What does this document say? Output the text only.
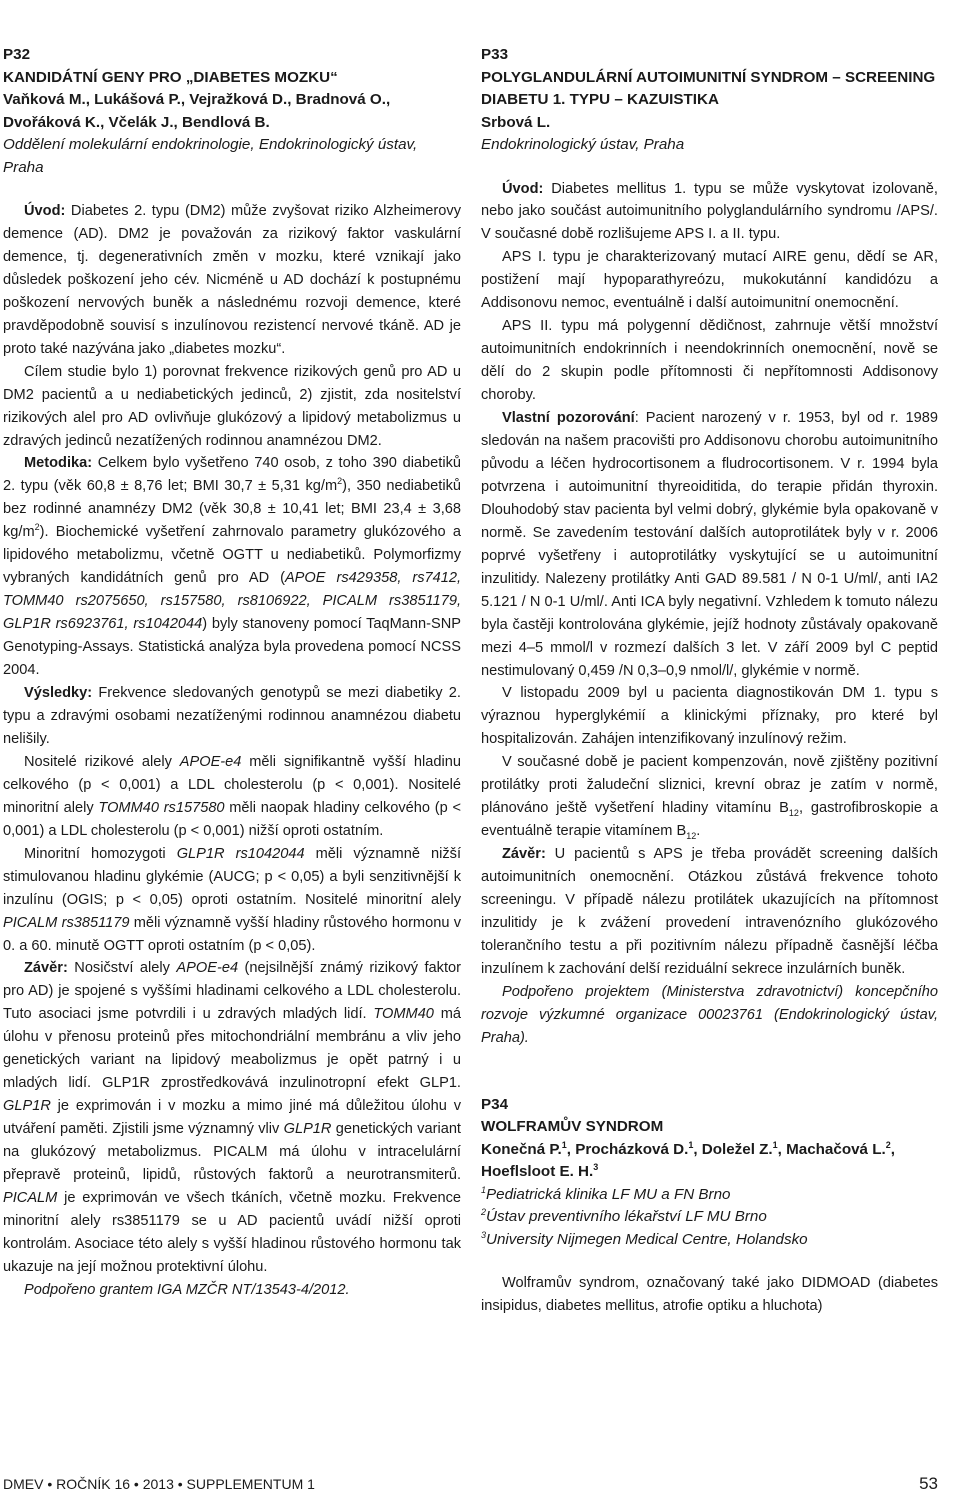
P32

KANDIDÁTNÍ GENY PRO „DIABETES MOZKU“

Vaňková M., Lukášová P., Vejražková D., Bradnová O., Dvořáková K., Včelák J., Bendlová B.

Oddělení molekulární endokrinologie, Endokrinologický ústav, Praha

Úvod: Diabetes 2. typu (DM2) může zvyšovat riziko Alzheimerovy demence (AD). DM2 je považován za rizikový faktor vaskulární demence, tj. degenerativních změn v mozku, které vznikají jako důsledek poškození jeho cév. Nicméně u AD dochází k postupnému poškození nervových buněk a následnému rozvoji demence, které pravděpodobně souvisí s inzulínovou rezistencí nervové tkáně. AD je proto také nazývána jako „diabetes mozku“.

Cílem studie bylo 1) porovnat frekvence rizikových genů pro AD u DM2 pacientů a u nediabetických jedinců, 2) zjistit, zda nositelství rizikových alel pro AD ovlivňuje glukózový a lipidový metabolizmus u zdravých jedinců nezatížených rodinnou anamnézou DM2.

Metodika: Celkem bylo vyšetřeno 740 osob, z toho 390 diabetiků 2. typu (věk 60,8 ± 8,76 let; BMI 30,7 ± 5,31 $kg/m^2$), 350 nediabetiků bez rodinné anamnézy DM2 (věk 30,8 ± 10,41 let; BMI 23,4 ± 3,68 $kg/m^2$). Biochemické vyšetření zahrnovalo parametry glukózového a lipidového metabolizmu, včetně OGTT u nediabetiků. Polymorfizmy vybraných kandidátních genů pro AD (APOE rs429358, rs7412, TOMM40 rs2075650, rs157580, rs8106922, PICALM rs3851179, GLP1R rs6923761, rs1042044) byly stanoveny pomocí TaqMann-SNP Genotyping-Assays. Statistická analýza byla provedena pomocí NCSS 2004.

Výsledky: Frekvence sledovaných genotypů se mezi diabetiky 2. typu a zdravými osobami nezatíženými rodinnou anamnézou diabetu nelišily.

Nositelé rizikové alely APOE-e4 měli signifikantně vyšší hladinu celkového (p < 0,001) a LDL cholesterolu (p < 0,001). Nositelé minoritní alely TOMM40 rs157580 měli naopak hladiny celkového (p < 0,001) a LDL cholesterolu (p < 0,001) nižší oproti ostatním.

Minoritní homozygoti GLP1R rs1042044 měli významně nižší stimulovanou hladinu glykémie (AUCG; p < 0,05) a byli senzitivnější k inzulínu (OGIS; p < 0,05) oproti ostatním. Nositelé minoritní alely PICALM rs3851179 měli významně vyšší hladiny růstového hormonu v 0. a 60. minutě OGTT oproti ostatním (p < 0,05).

Závěr: Nosičství alely APOE-e4 (nejsilnější známý rizikový faktor pro AD) je spojené s vyššími hladinami celkového a LDL cholesterolu. Tuto asociaci jsme potvrdili i u zdravých mladých lidí. TOMM40 má úlohu v přenosu proteinů přes mitochondriální membránu a vliv jeho genetických variant na lipidový meabolizmus je opět patrný i u mladých lidí. GLP1R zprostředkovává inzulinotropní efekt GLP1. GLP1R je exprimován i v mozku a mimo jiné má důležitou úlohu v utváření paměti. Zjistili jsme významný vliv GLP1R genetických variant na glukózový metabolizmus. PICALM má úlohu v intracelulární přepravě proteinů, lipidů, růstových faktorů a neurotransmiterů. PICALM je exprimován ve všech tkáních, včetně mozku. Frekvence minoritní alely rs3851179 se u AD pacientů uvádí nižší oproti kontrolám. Asociace této alely s vyšší hladinou růstového hormonu tak ukazuje na její možnou protektivní úlohu.

Podpořeno grantem IGA MZČR NT/13543-4/2012.

P33

POLYGLANDULÁRNÍ AUTOIMUNITNÍ SYNDROM – SCREENING DIABETU 1. TYPU – KAZUISTIKA

Srbová L.

Endokrinologický ústav, Praha

Úvod: Diabetes mellitus 1. typu se může vyskytovat izolovaně, nebo jako součást autoimunitního polyglandulárního syndromu /APS/. V současné době rozlišujeme APS I. a II. typu.

APS I. typu je charakterizovaný mutací AIRE genu, dědí se AR, postižení mají hypoparathyreózu, mukokutánní kandidózu a Addisonovu nemoc, eventuálně i další autoimunitní onemocnění.

APS II. typu má polygenní dědičnost, zahrnuje větší množství autoimunitních endokrinních i neendokrinních onemocnění, nově se dělí do 2 skupin podle přítomnosti či nepřítomnosti Addisonovy choroby.

Vlastní pozorování: Pacient narozený v r. 1953, byl od r. 1989 sledován na našem pracovišti pro Addisonovu chorobu autoimunitního původu a léčen hydrocortisonem a fludrocortisonem. V r. 1994 byla potvrzena i autoimunitní thyreoiditida, do terapie přidán thyroxin. Dlouhodobý stav pacienta byl velmi dobrý, glykémie byla opakovaně v normě. Se zavedením testování dalších autoprotilátek byly v r. 2006 poprvé vyšetřeny i autoprotilátky vyskytující se u autoimunitní inzulitidy. Nalezeny protilátky Anti GAD 89.581 / N 0-1 U/ml/, anti IA2 5.121 / N 0-1 U/ml/. Anti ICA byly negativní. Vzhledem k tomuto nálezu byla častěji kontrolována glykémie, jejíž hodnoty zůstávaly opakovaně mezi 4–5 mmol/l v rozmezí dalších 3 let. V září 2009 byl C peptid nestimulovaný 0,459 /N 0,3–0,9 nmol/l/, glykémie v normě.

V listopadu 2009 byl u pacienta diagnostikován DM 1. typu s výraznou hyperglykémií a klinickými příznaky, pro které byl hospitalizován. Zahájen intenzifikovaný inzulínový režim.

V současné době je pacient kompenzován, nově zjištěny pozitivní protilátky proti žaludeční sliznici, krevní obraz je zatím v normě, plánováno ještě vyšetření hladiny vitamínu $B_{12}$, gastrofibroskopie a eventuálně terapie vitamínem $B_{12}$.

Závěr: U pacientů s APS je třeba provádět screening dalších autoimunitních onemocnění. Otázkou zůstává frekvence tohoto screeningu. V případě nálezu protilátek ukazujících na přítomnost inzulitidy je k zvážení provedení intravenózního glukózového tolerančního testu a při pozitivním nálezu případně časnější léčba inzulínem k zachování delší reziduální sekrece inzulárních buněk.

Podpořeno projektem (Ministerstva zdravotnictví) koncepčního rozvoje výzkumné organizace 00023761 (Endokrinologický ústav, Praha).

P34

WOLFRAMŮV SYNDROM

Konečná P.$^1$, Procházková D.$^1$, Doležel Z.$^1$, Machačová L.$^2$, Hoeflsloot E. H.$^3$

$^1$Pediatrická klinika LF MU a FN Brno

$^2$Ústav preventivního lékařství LF MU Brno

$^3$University Nijmegen Medical Centre, Holandsko

Wolframův syndrom, označovaný také jako DIDMOAD (diabetes insipidus, diabetes mellitus, atrofie optiku a hluchota)

DMEV • ROČNÍK 16 • 2013 • SUPPLEMENTUM 1	53
